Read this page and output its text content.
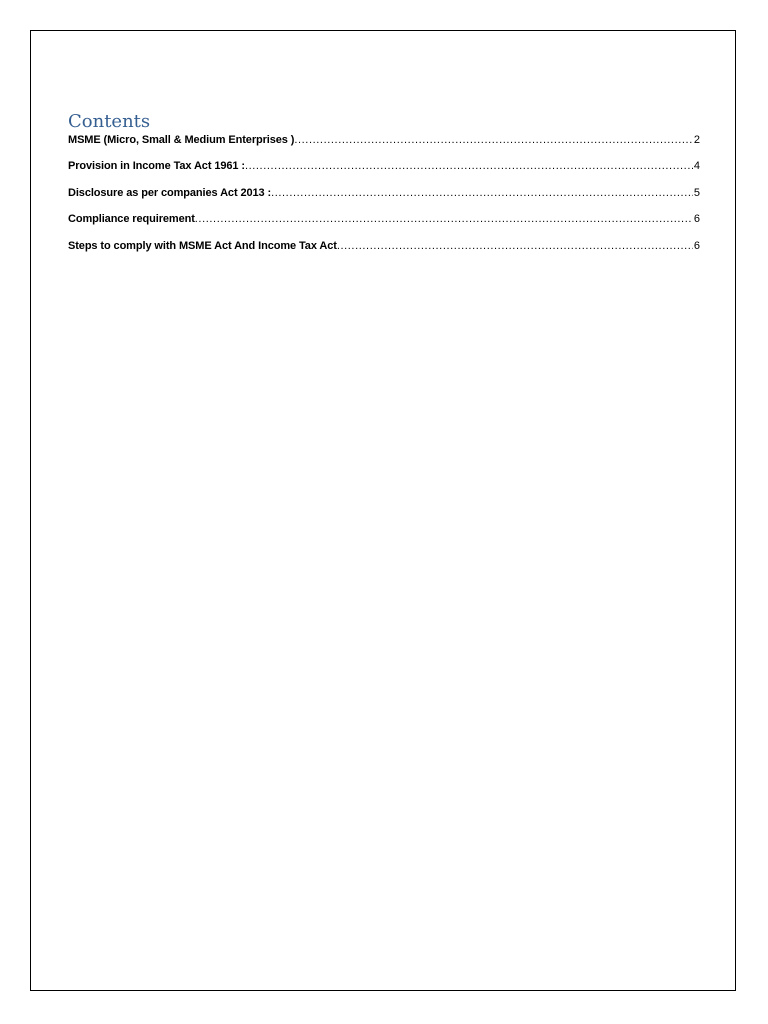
Contents
MSME (Micro, Small & Medium Enterprises ) .....	2
Provision in Income Tax Act 1961 : .....	4
Disclosure as per companies Act 2013 : .....	5
Compliance requirement .....	6
Steps to comply with MSME Act And Income Tax Act .....	6
